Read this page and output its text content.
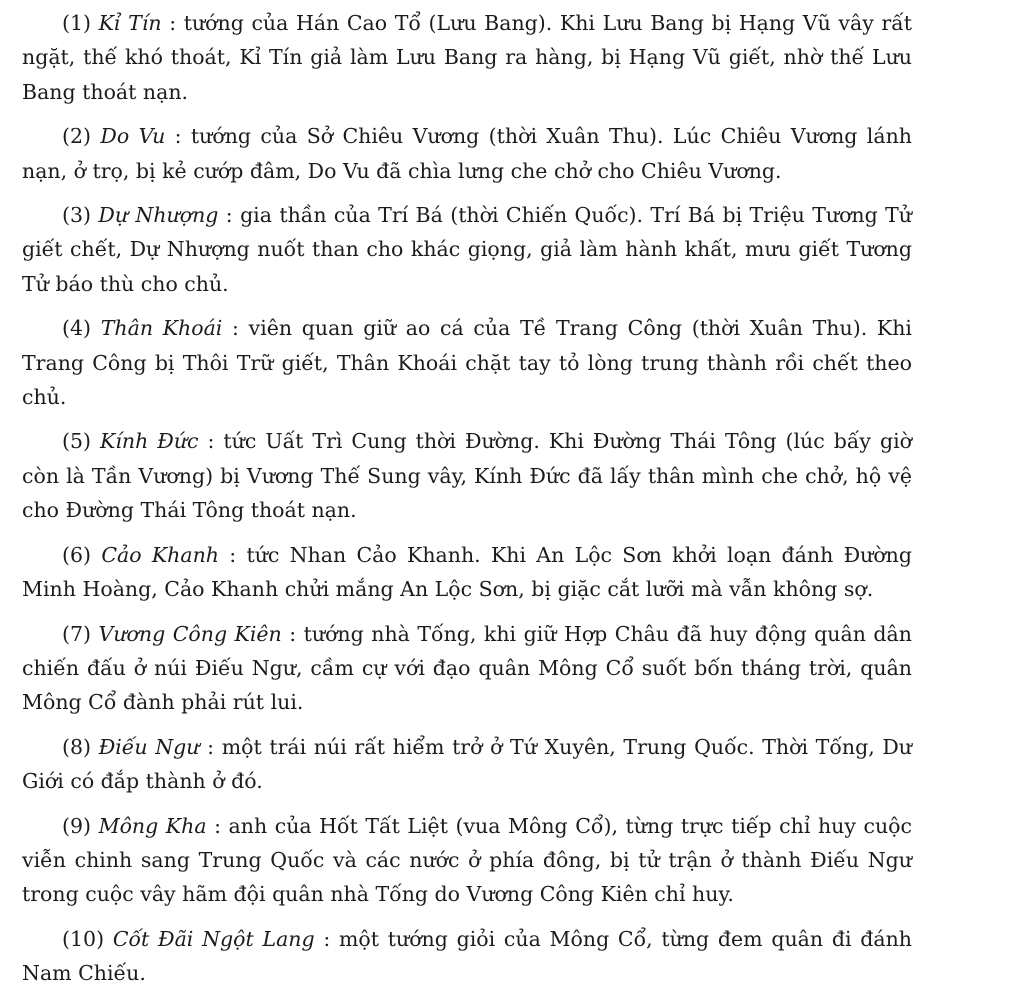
(1) Kỉ Tín : tướng của Hán Cao Tổ (Lưu Bang). Khi Lưu Bang bị Hạng Vũ vây rất ngặt, thế khó thoát, Kỉ Tín giả làm Lưu Bang ra hàng, bị Hạng Vũ giết, nhờ thế Lưu Bang thoát nạn.

(2) Do Vu : tướng của Sở Chiêu Vương (thời Xuân Thu). Lúc Chiêu Vương lánh nạn, ở trọ, bị kẻ cướp đâm, Do Vu đã chìa lưng che chở cho Chiêu Vương.

(3) Dự Nhượng : gia thần của Trí Bá (thời Chiến Quốc). Trí Bá bị Triệu Tương Tử giết chết, Dự Nhượng nuốt than cho khác giọng, giả làm hành khất, mưu giết Tương Tử báo thù cho chủ.

(4) Thân Khoái : viên quan giữ ao cá của Tề Trang Công (thời Xuân Thu). Khi Trang Công bị Thôi Trữ giết, Thân Khoái chặt tay tỏ lòng trung thành rồi chết theo chủ.

(5) Kính Đức : tức Uất Trì Cung thời Đường. Khi Đường Thái Tông (lúc bấy giờ còn là Tần Vương) bị Vương Thế Sung vây, Kính Đức đã lấy thân mình che chở, hộ vệ cho Đường Thái Tông thoát nạn.

(6) Cảo Khanh : tức Nhan Cảo Khanh. Khi An Lộc Sơn khởi loạn đánh Đường Minh Hoàng, Cảo Khanh chửi mắng An Lộc Sơn, bị giặc cắt lưỡi mà vẫn không sợ.

(7) Vương Công Kiên : tướng nhà Tống, khi giữ Hợp Châu đã huy động quân dân chiến đấu ở núi Điếu Ngư, cầm cự với đạo quân Mông Cổ suốt bốn tháng trời, quân Mông Cổ đành phải rút lui.

(8) Điếu Ngư : một trái núi rất hiểm trở ở Tứ Xuyên, Trung Quốc. Thời Tống, Dư Giới có đắp thành ở đó.

(9) Mông Kha : anh của Hốt Tất Liệt (vua Mông Cổ), từng trực tiếp chỉ huy cuộc viễn chinh sang Trung Quốc và các nước ở phía đông, bị tử trận ở thành Điếu Ngư trong cuộc vây hãm đội quân nhà Tống do Vương Công Kiên chỉ huy.

(10) Cốt Đãi Ngột Lang : một tướng giỏi của Mông Cổ, từng đem quân đi đánh Nam Chiếu.
